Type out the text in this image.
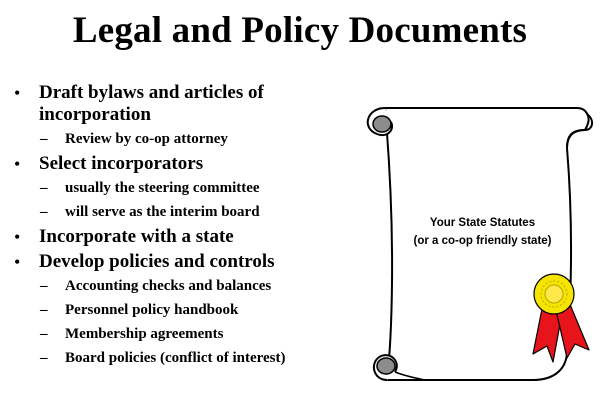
Legal and Policy Documents
• Draft bylaws and articles of incorporation
– Review by co-op attorney
• Select incorporators
– usually the steering committee
– will serve as the interim board
• Incorporate with a state
• Develop policies and controls
– Accounting checks and balances
– Personnel policy handbook
– Membership agreements
– Board policies (conflict of interest)
Your State Statutes
(or a co-op friendly state)
